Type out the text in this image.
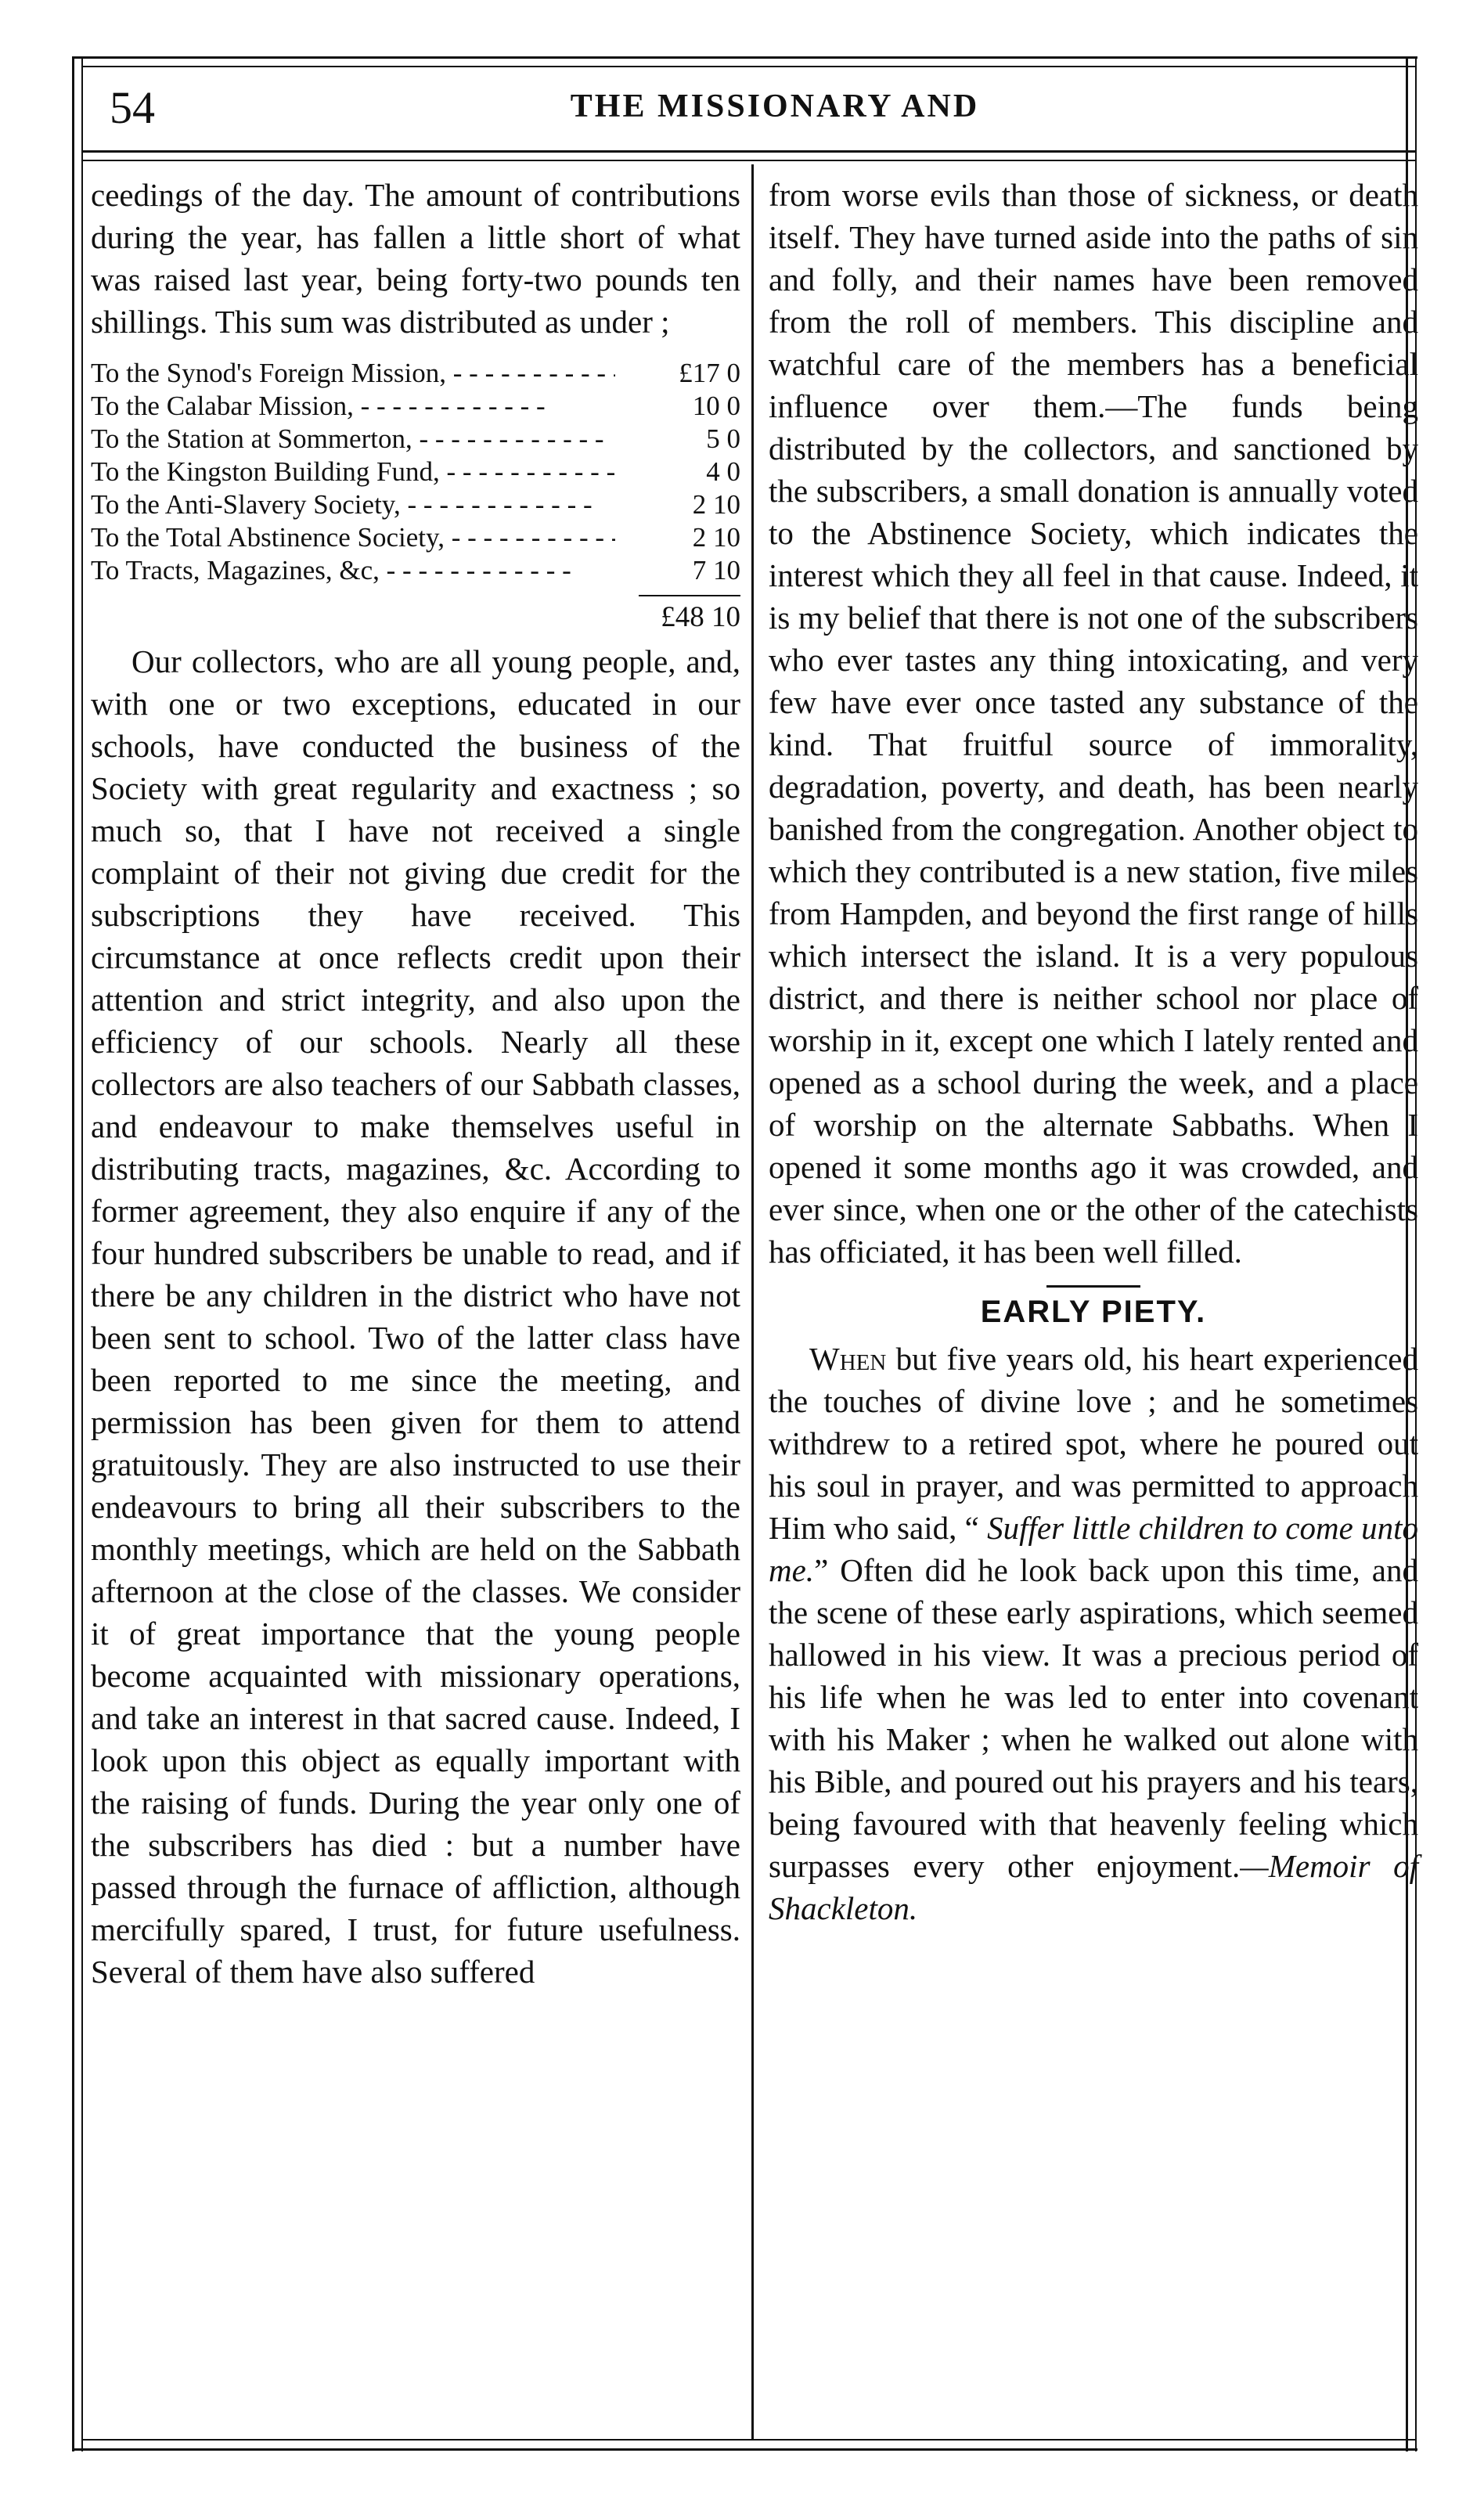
54	THE MISSIONARY AND

ceedings of the day. The amount of contributions during the year, has fallen a little short of what was raised last year, being forty-two pounds ten shillings. This sum was distributed as under ;

To the Synod's Foreign Mission, - -	£17 0
To the Calabar Mission, - -	10 0
To the Station at Sommerton, - -	5 0
To the Kingston Building Fund, - -	4 0
To the Anti-Slavery Society, - -	2 10
To the Total Abstinence Society, - -	2 10
To Tracts, Magazines, &c, - -	7 10
£48 10

Our collectors, who are all young people, and, with one or two exceptions, educated in our schools, have conducted the business of the Society with great regularity and exactness ; so much so, that I have not received a single complaint of their not giving due credit for the subscriptions they have received. This circumstance at once reflects credit upon their attention and strict integrity, and also upon the efficiency of our schools. Nearly all these collectors are also teachers of our Sabbath classes, and endeavour to make themselves useful in distributing tracts, magazines, &c. According to former agreement, they also enquire if any of the four hundred subscribers be unable to read, and if there be any children in the district who have not been sent to school. Two of the latter class have been reported to me since the meeting, and permission has been given for them to attend gratuitously. They are also instructed to use their endeavours to bring all their subscribers to the monthly meetings, which are held on the Sabbath afternoon at the close of the classes. We consider it of great importance that the young people become acquainted with missionary operations, and take an interest in that sacred cause. Indeed, I look upon this object as equally important with the raising of funds. During the year only one of the subscribers has died : but a number have passed through the furnace of affliction, although mercifully spared, I trust, for future usefulness. Several of them have also suffered

from worse evils than those of sickness, or death itself. They have turned aside into the paths of sin and folly, and their names have been removed from the roll of members. This discipline and watchful care of the members has a beneficial influence over them.—The funds being distributed by the collectors, and sanctioned by the subscribers, a small donation is annually voted to the Abstinence Society, which indicates the interest which they all feel in that cause. Indeed, it is my belief that there is not one of the subscribers who ever tastes any thing intoxicating, and very few have ever once tasted any substance of the kind. That fruitful source of immorality, degradation, poverty, and death, has been nearly banished from the congregation. Another object to which they contributed is a new station, five miles from Hampden, and beyond the first range of hills which intersect the island. It is a very populous district, and there is neither school nor place of worship in it, except one which I lately rented and opened as a school during the week, and a place of worship on the alternate Sabbaths. When I opened it some months ago it was crowded, and ever since, when one or the other of the catechists has officiated, it has been well filled.

EARLY PIETY.

When but five years old, his heart experienced the touches of divine love ; and he sometimes withdrew to a retired spot, where he poured out his soul in prayer, and was permitted to approach Him who said, “ Suffer little children to come unto me.” Often did he look back upon this time, and the scene of these early aspirations, which seemed hallowed in his view. It was a precious period of his life when he was led to enter into covenant with his Maker ; when he walked out alone with his Bible, and poured out his prayers and his tears, being favoured with that heavenly feeling which surpasses every other enjoyment.—Memoir of Shackleton.
